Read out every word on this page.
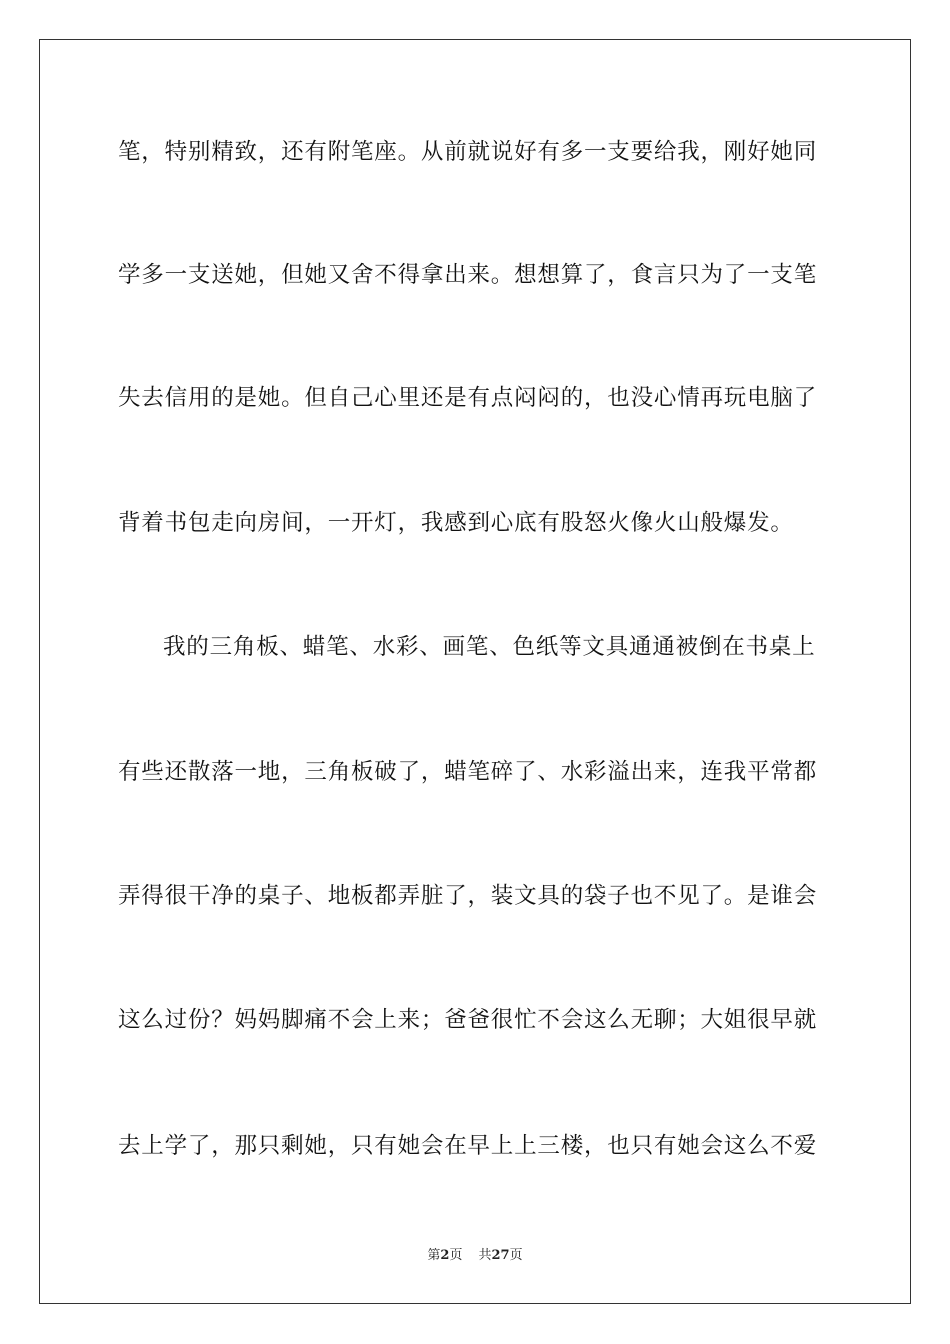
笔，特别精致，还有附笔座。从前就说好有多一支要给我，刚好她同
学多一支送她，但她又舍不得拿出来。想想算了，食言只为了一支笔
失去信用的是她。但自己心里还是有点闷闷的，也没心情再玩电脑了
背着书包走向房间，一开灯，我感到心底有股怒火像火山般爆发。
我的三角板、蜡笔、水彩、画笔、色纸等文具通通被倒在书桌上
有些还散落一地，三角板破了，蜡笔碎了、水彩溢出来，连我平常都
弄得很干净的桌子、地板都弄脏了，装文具的袋子也不见了。是谁会
这么过份？妈妈脚痛不会上来；爸爸很忙不会这么无聊；大姐很早就
去上学了，那只剩她，只有她会在早上上三楼，也只有她会这么不爱
第2页 共27页
